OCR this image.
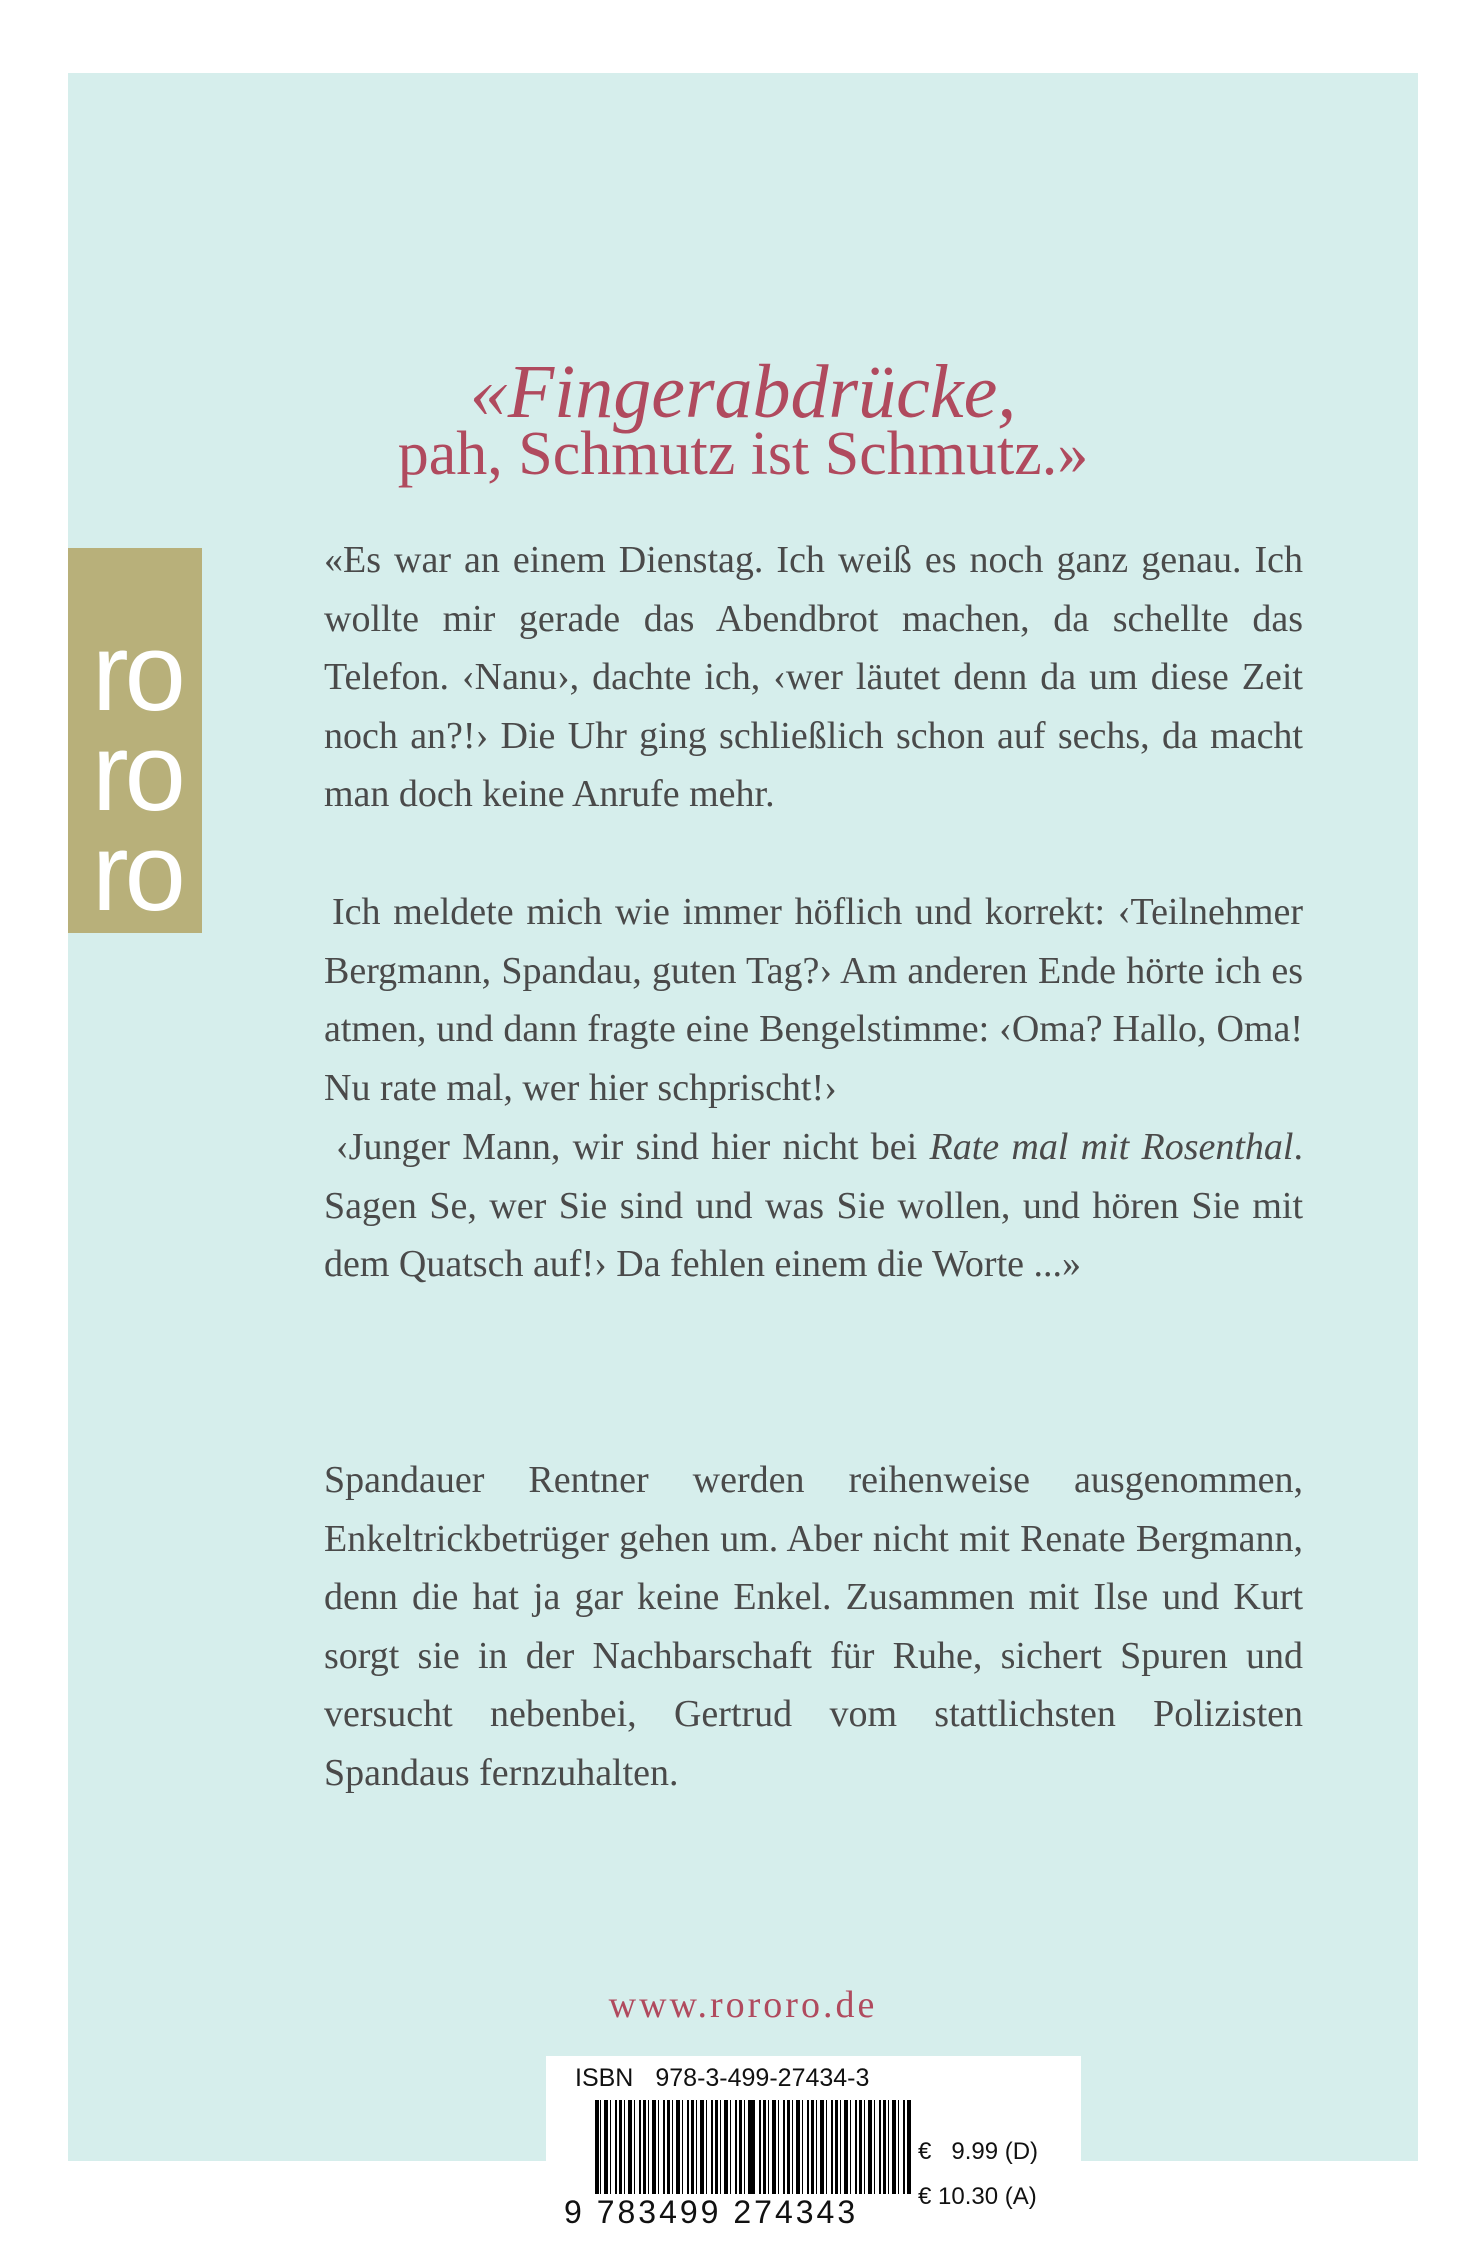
ro

ro

ro

«Fingerabdrücke,

pah, Schmutz ist Schmutz.»

«Es war an einem Dienstag. Ich weiß es noch ganz genau. Ich wollte mir gerade das Abendbrot machen, da schellte das Telefon. ‹Nanu›, dachte ich, ‹wer läutet denn da um diese Zeit noch an?!› Die Uhr ging schließlich schon auf sechs, da macht man doch keine Anrufe mehr.

Ich meldete mich wie immer höflich und korrekt: ‹Teilnehmer Bergmann, Spandau, guten Tag?› Am anderen Ende hörte ich es atmen, und dann fragte eine Bengelstimme: ‹Oma? Hallo, Oma! Nu rate mal, wer hier schprischt!›

‹Junger Mann, wir sind hier nicht bei Rate mal mit Rosenthal. Sagen Se, wer Sie sind und was Sie wollen, und hören Sie mit dem Quatsch auf!› Da fehlen einem die Worte ...»

Spandauer Rentner werden reihenweise ausgenommen, Enkeltrickbetrüger gehen um. Aber nicht mit Renate Bergmann, denn die hat ja gar keine Enkel. Zusammen mit Ilse und Kurt sorgt sie in der Nachbarschaft für Ruhe, sichert Spuren und versucht nebenbei, Gertrud vom stattlichsten Polizisten Spandaus fernzuhalten.

www.rororo.de

ISBN 978-3-499-27434-3

9 783499 274343

€   9.99 (D)

€ 10.30 (A)
